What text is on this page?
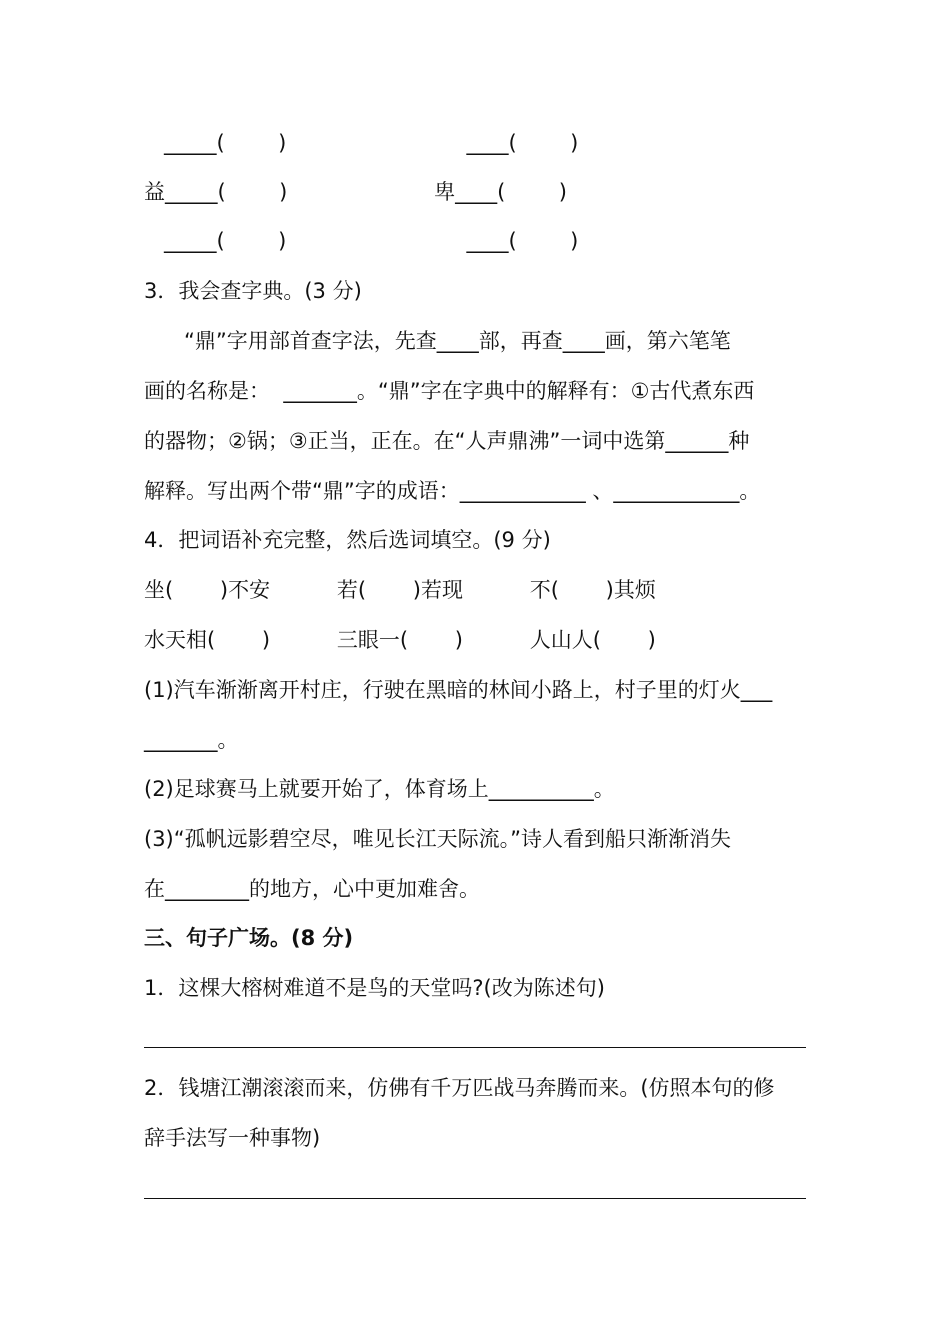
_____(        )                           ____(        )
益_____(        )                      卑____(        )
_____(        )                           ____(        )
3．我会查字典。(3 分)
“鼎”字用部首查字法，先查____部，再查____画，第六笔笔
画的名称是：  _______。“鼎”字在字典中的解释有：①古代煮东西
的器物；②锅；③正当，正在。在“人声鼎沸”一词中选第______种
解释。写出两个带“鼎”字的成语：____________ 、____________。
4．把词语补充完整，然后选词填空。(9 分)
坐(       )不安          若(       )若现          不(       )其烦
水天相(       )          三眼一(       )          人山人(       )
(1)汽车渐渐离开村庄，行驶在黑暗的林间小路上，村子里的灯火___
_______。
(2)足球赛马上就要开始了，体育场上__________。
(3)“孤帆远影碧空尽，唯见长江天际流。”诗人看到船只渐渐消失
在________的地方，心中更加难舍。
三、句子广场。(8 分)
1．这棵大榕树难道不是鸟的天堂吗?(改为陈述句)
2．钱塘江潮滚滚而来，仿佛有千万匹战马奔腾而来。(仿照本句的修
辞手法写一种事物)
